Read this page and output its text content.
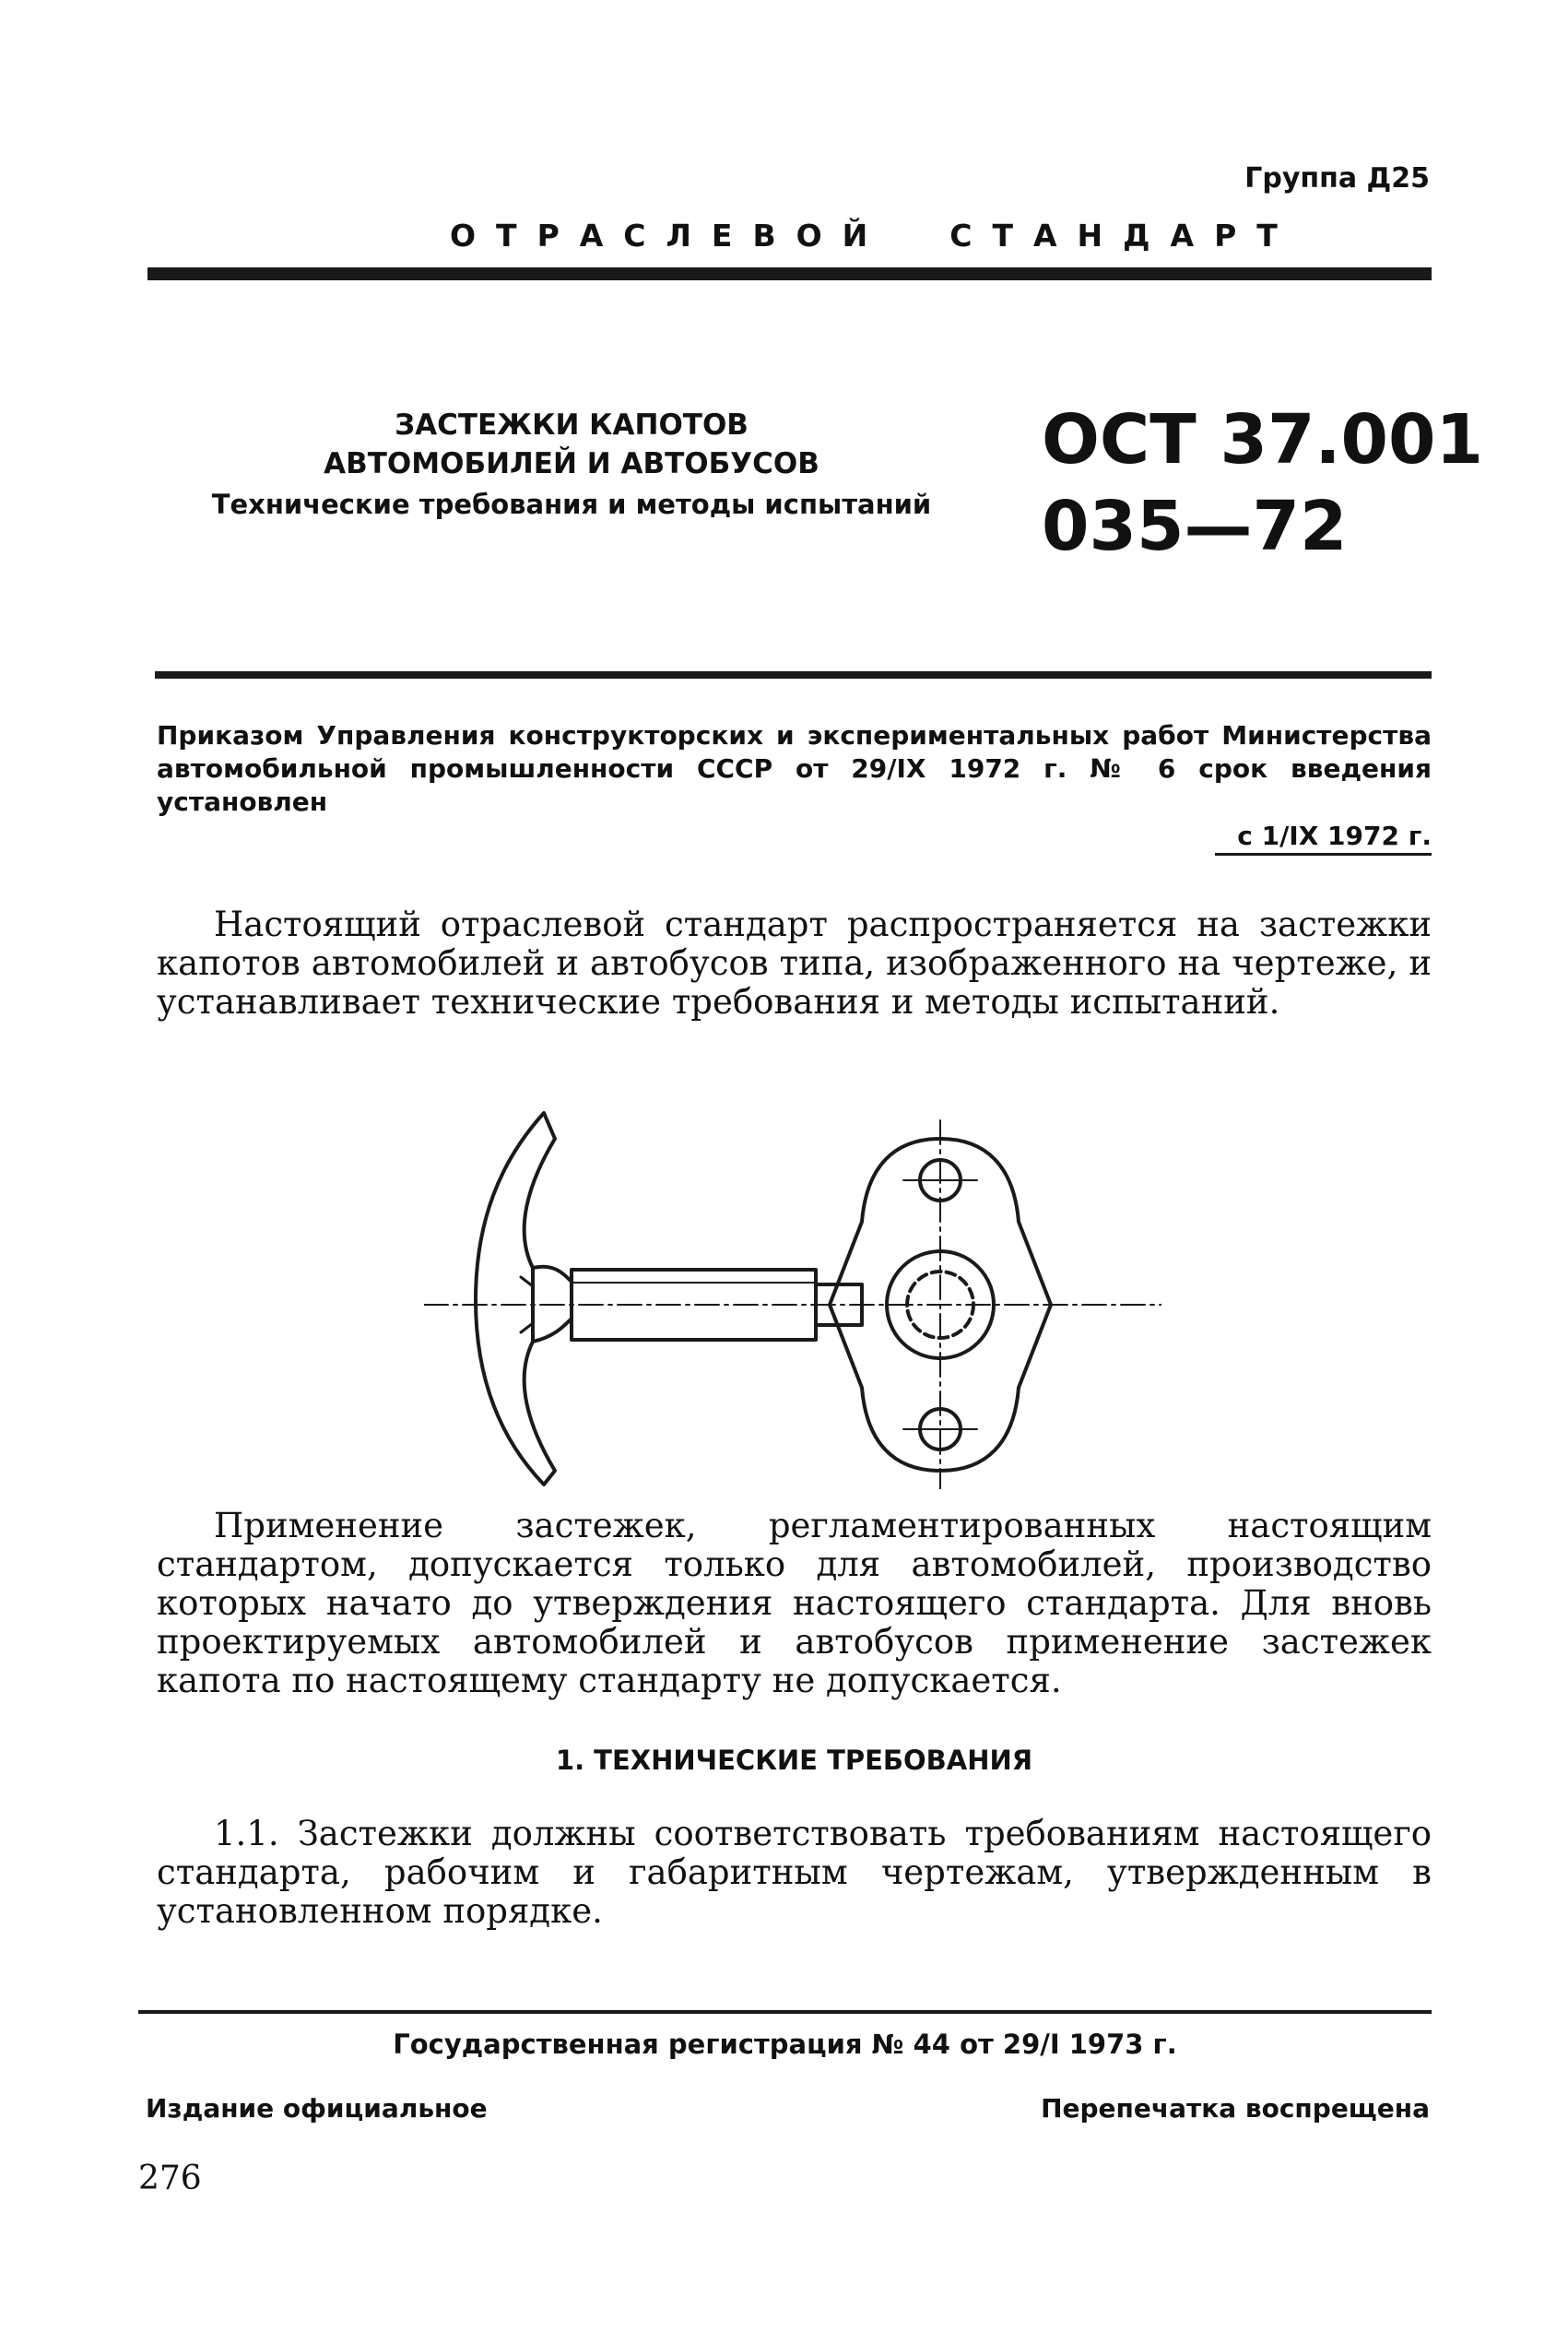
Группа Д25
ОТРАСЛЕВОЙ  СТАНДАРТ
ЗАСТЕЖКИ КАПОТОВ
АВТОМОБИЛЕЙ И АВТОБУСОВ
Технические требования и методы испытаний
ОСТ 37.001
035—72
Приказом Управления конструкторских и экспериментальных работ Министерства автомобильной промышленности СССР от 29/IX 1972 г. № 6 срок введения установлен
с 1/IX 1972 г.
Настоящий отраслевой стандарт распространяется на застежки капотов автомобилей и автобусов типа, изображенного на чертеже, и устанавливает технические требования и методы испытаний.
Применение застежек, регламентированных настоящим стандартом, допускается только для автомобилей, производство которых начато до утверждения настоящего стандарта. Для вновь проектируемых автомобилей и автобусов применение застежек капота по настоящему стандарту не допускается.
1. ТЕХНИЧЕСКИЕ ТРЕБОВАНИЯ
1.1. Застежки должны соответствовать требованиям настоящего стандарта, рабочим и габаритным чертежам, утвержденным в установленном порядке.
Государственная регистрация № 44 от 29/I 1973 г.
Издание официальное	Перепечатка воспрещена
276
